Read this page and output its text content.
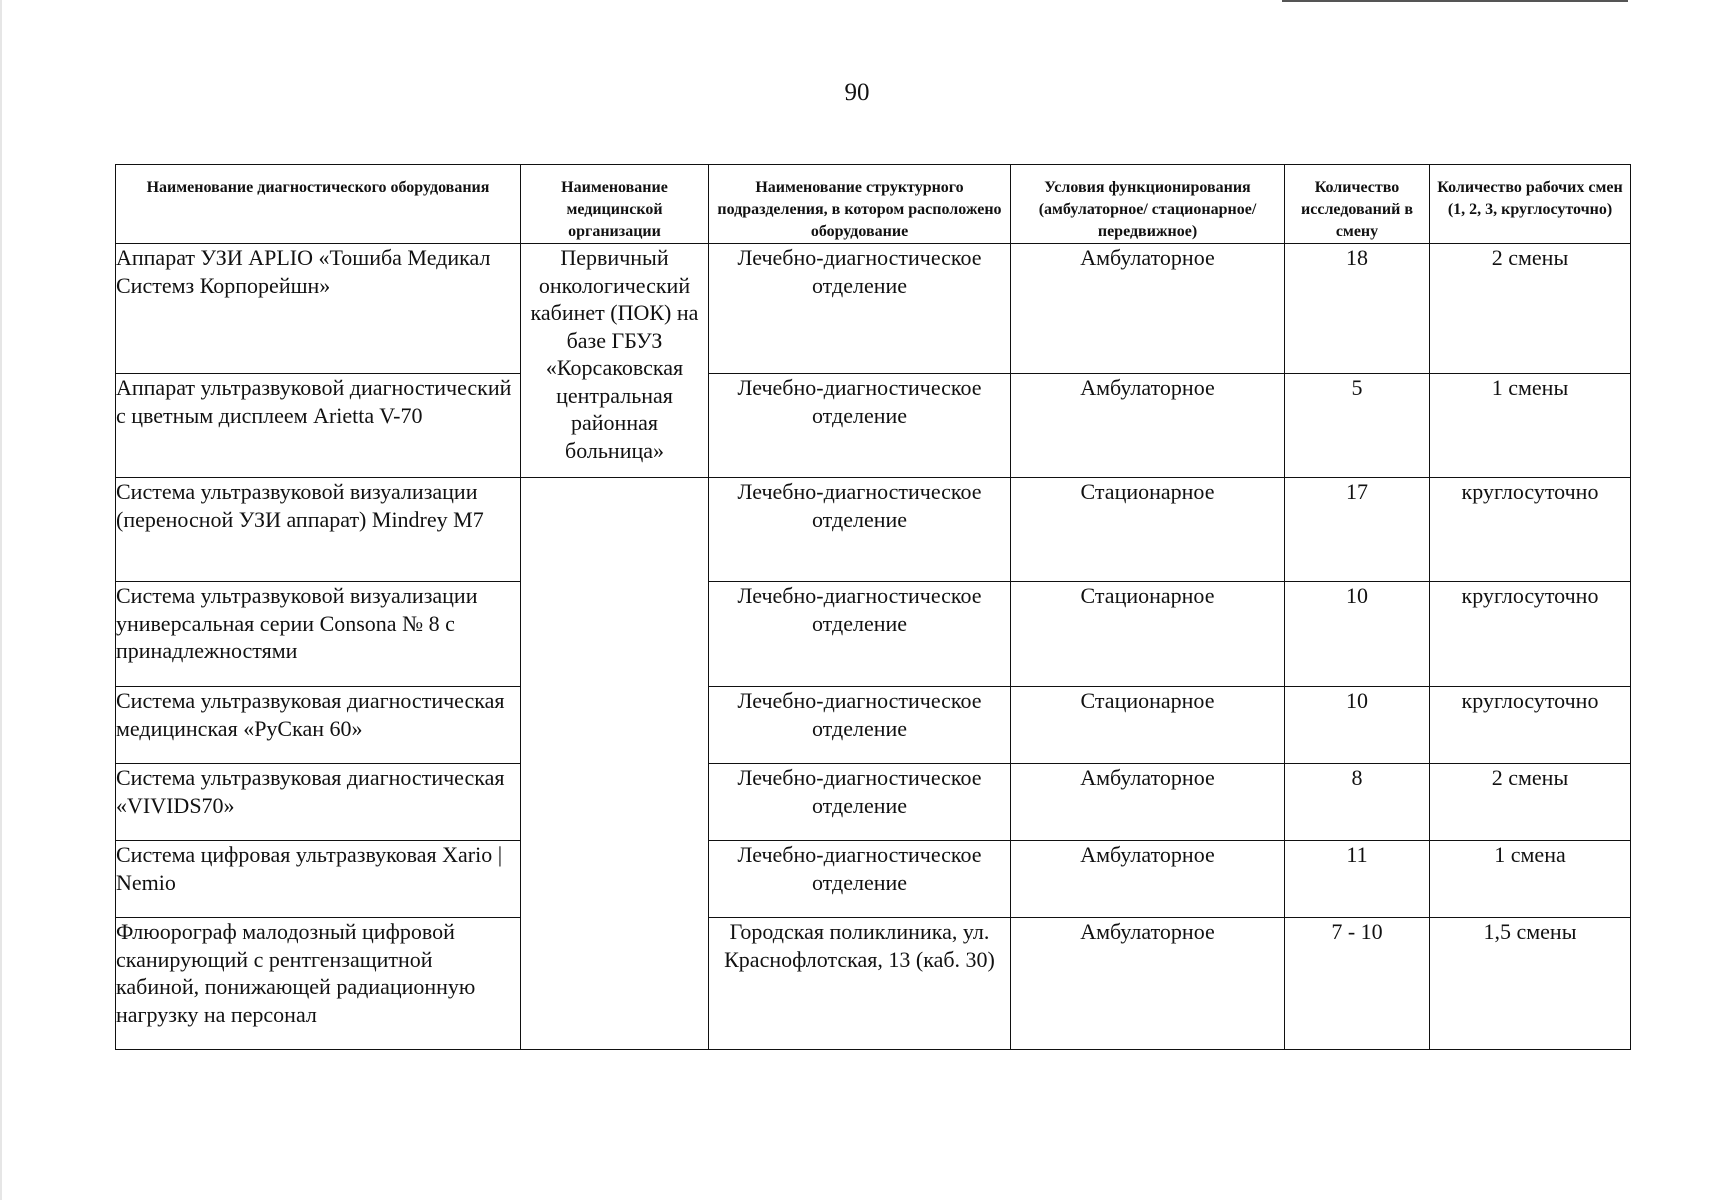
90
Наименование диагностического оборудования	Наименование медицинской организации	Наименование структурного подразделения, в котором расположено оборудование	Условия функционирования (амбулаторное/ стационарное/передвижное)	Количество исследований в смену	Количество рабочих смен (1, 2, 3, круглосуточно)
Аппарат УЗИ APLIO «Тошиба Медикал Системз Корпорейшн»	Первичный онкологический кабинет (ПОК) на базе ГБУЗ «Корсаковская центральная районная больница»	Лечебно-диагностическое отделение	Амбулаторное	18	2 смены
Аппарат ультразвуковой диагностический с цветным дисплеем Arietta V-70		Лечебно-диагностическое отделение	Амбулаторное	5	1 смены
Система ультразвуковой визуализации (переносной УЗИ аппарат) Mindrey M7		Лечебно-диагностическое отделение	Стационарное	17	круглосуточно
Система ультразвуковой визуализации универсальная серии Consona № 8 с принадлежностями		Лечебно-диагностическое отделение	Стационарное	10	круглосуточно
Система ультразвуковая диагностическая медицинская «РуСкан 60»		Лечебно-диагностическое отделение	Стационарное	10	круглосуточно
Система ультразвуковая диагностическая «VIVIDS70»		Лечебно-диагностическое отделение	Амбулаторное	8	2 смены
Система цифровая ультразвуковая Xario | Nemio		Лечебно-диагностическое отделение	Амбулаторное	11	1 смена
Флюорограф малодозный цифровой сканирующий с рентгензащитной кабиной, понижающей радиационную нагрузку на персонал		Городская поликлиника, ул. Краснофлотская, 13 (каб. 30)	Амбулаторное	7 - 10	1,5 смены
